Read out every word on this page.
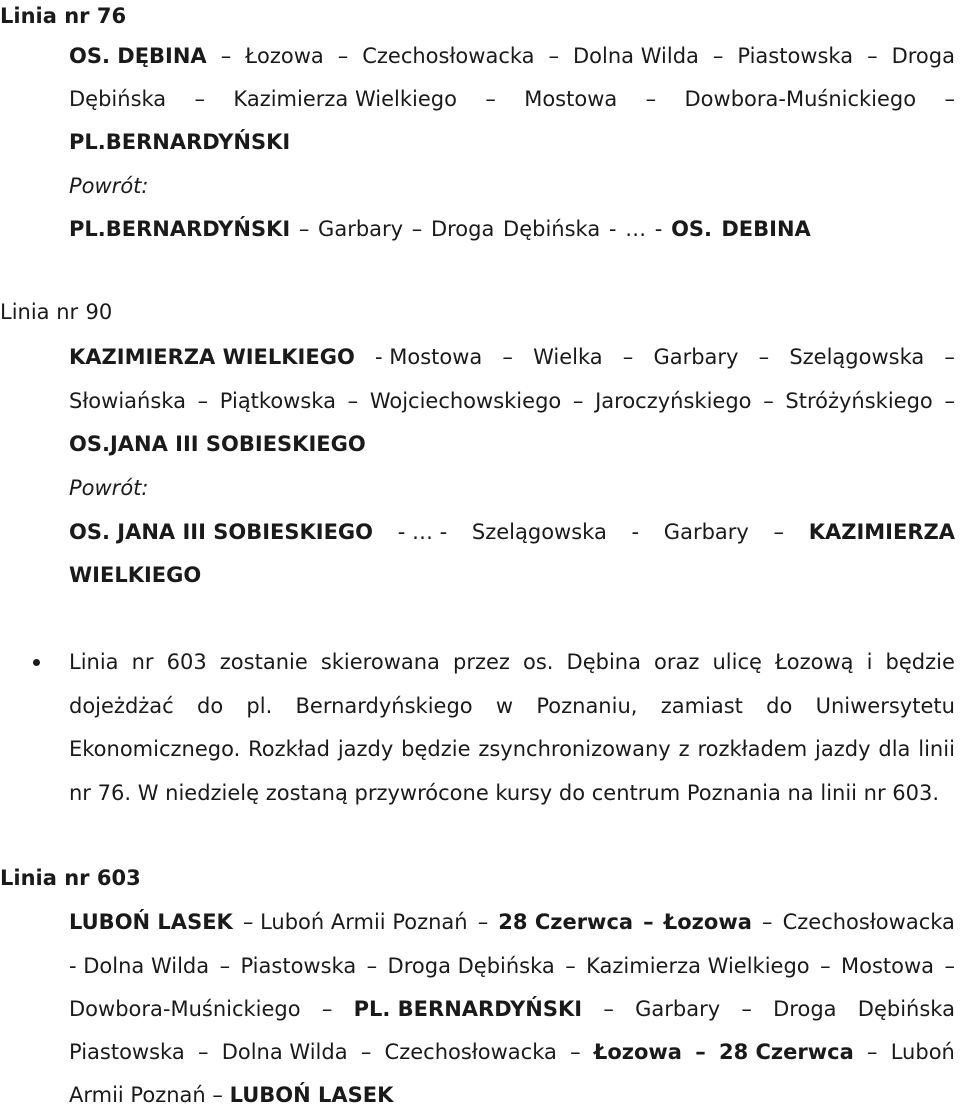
Linia nr 76
OS. DĘBINA – Łozowa – Czechosłowacka – Dolna Wilda – Piastowska – Droga
Dębińska – Kazimierza Wielkiego – Mostowa – Dowbora-Muśnickiego –
PL.BERNARDYŃSKI
Powrót:
PL.BERNARDYŃSKI – Garbary – Droga Dębińska - … - OS. DEBINA
Linia nr 90
KAZIMIERZA WIELKIEGO - Mostowa – Wielka – Garbary – Szelągowska –
Słowiańska – Piątkowska – Wojciechowskiego – Jaroczyńskiego – Stróżyńskiego –
OS.JANA III SOBIESKIEGO
Powrót:
OS. JANA III SOBIESKIEGO - … - Szelągowska - Garbary – KAZIMIERZA
WIELKIEGO
Linia nr 603 zostanie skierowana przez os. Dębina oraz ulicę Łozową i będzie
dojeżdżać do pl. Bernardyńskiego w Poznaniu, zamiast do Uniwersytetu
Ekonomicznego. Rozkład jazdy będzie zsynchronizowany z rozkładem jazdy dla linii
nr 76. W niedzielę zostaną przywrócone kursy do centrum Poznania na linii nr 603.
Linia nr 603
LUBOŃ LASEK – Luboń Armii Poznań – 28 Czerwca – Łozowa – Czechosłowacka
- Dolna Wilda – Piastowska – Droga Dębińska – Kazimierza Wielkiego – Mostowa –
Dowbora-Muśnickiego – PL. BERNARDYŃSKI – Garbary – Droga Dębińska
Piastowska – Dolna Wilda – Czechosłowacka – Łozowa – 28 Czerwca – Luboń
Armii Poznań – LUBOŃ LASEK
